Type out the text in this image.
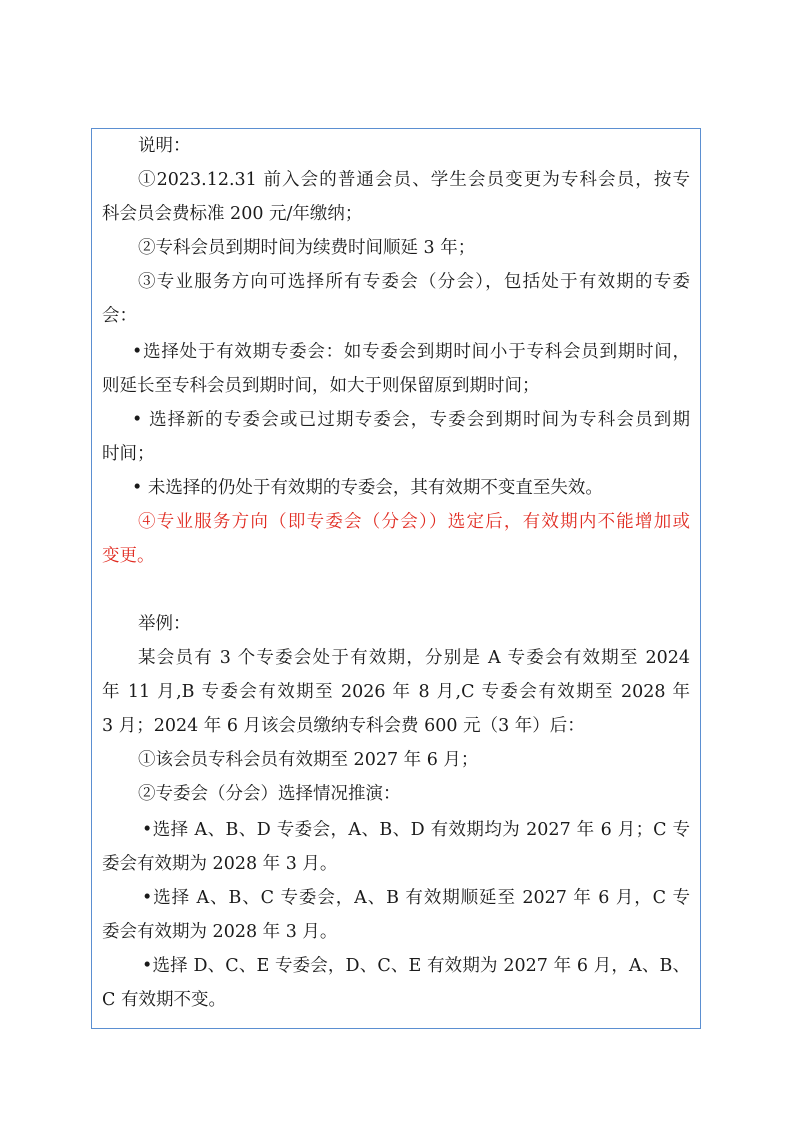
说明：
①2023.12.31 前入会的普通会员、学生会员变更为专科会员，按专
科会员会费标准 200 元/年缴纳；
②专科会员到期时间为续费时间顺延 3 年；
③专业服务方向可选择所有专委会（分会），包括处于有效期的专委
会：
•选择处于有效期专委会：如专委会到期时间小于专科会员到期时间，
则延长至专科会员到期时间，如大于则保留原到期时间；
• 选择新的专委会或已过期专委会，专委会到期时间为专科会员到期
时间；
• 未选择的仍处于有效期的专委会，其有效期不变直至失效。
④专业服务方向（即专委会（分会））选定后，有效期内不能增加或
变更。
举例：
某会员有 3 个专委会处于有效期，分别是 A 专委会有效期至 2024
年 11 月,B 专委会有效期至 2026 年 8 月,C 专委会有效期至 2028 年
3 月；2024 年 6 月该会员缴纳专科会费 600 元（3 年）后：
①该会员专科会员有效期至 2027 年 6 月；
②专委会（分会）选择情况推演：
•选择 A、B、D 专委会，A、B、D 有效期均为 2027 年 6 月；C 专
委会有效期为 2028 年 3 月。
•选择 A、B、C 专委会，A、B 有效期顺延至 2027 年 6 月，C 专
委会有效期为 2028 年 3 月。
•选择 D、C、E 专委会，D、C、E 有效期为 2027 年 6 月，A、B、
C 有效期不变。
